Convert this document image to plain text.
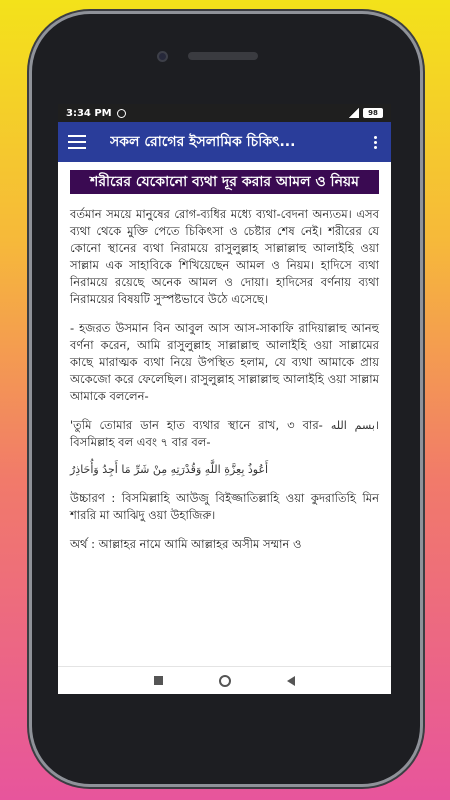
3:34 PM	98
সকল রোগের ইসলামিক চিকিৎ...
শরীরের যেকোনো ব্যথা দূর করার আমল ও নিয়ম

বর্তমান সময়ে মানুষের রোগ-ব্যধির মধ্যে ব্যথা-বেদনা অন্যতম। এসব ব্যথা থেকে মুক্তি পেতে চিকিৎসা ও চেষ্টার শেষ নেই। শরীরের যে কোনো স্থানের ব্যথা নিরাময়ে রাসুলুল্লাহ সাল্লাল্লাহু আলাইহি ওয়া সাল্লাম এক সাহাবিকে শিখিয়েছেন আমল ও নিয়ম। হাদিসে ব্যথা নিরাময়ে রয়েছে অনেক আমল ও দোয়া। হাদিসের বর্ণনায় ব্যথা নিরাময়ের বিষয়টি সুস্পষ্টভাবে উঠে এসেছে।

- হজরত উসমান বিন আবুল আস আস-সাকাফি রাদিয়াল্লাহু আনহু বর্ণনা করেন, আমি রাসুলুল্লাহ সাল্লাল্লাহু আলাইহি ওয়া সাল্লামের কাছে মারাত্মক ব্যথা নিয়ে উপস্থিত হলাম, যে ব্যথা আমাকে প্রায় অকেজো করে ফেলেছিল। রাসুলুল্লাহ সাল্লাল্লাহু আলাইহি ওয়া সাল্লাম আমাকে বললেন-

'তুমি তোমার ডান হাত ব্যথার স্থানে রাখ, ৩ বার- بسم الله। বিসমিল্লাহ বল এবং ৭ বার বল-

أَعُوذُ بِعِزَّةِ اللَّهِ وَقُدْرَتِهِ مِنْ شَرِّ مَا أَجِدُ وَأُحَاذِرُ

উচ্চারণ : বিসমিল্লাহি আউজু বিইজ্জাতিল্লাহি ওয়া কুদরাতিহি মিন শাররি মা আঝিদু ওয়া উহাজিরু।

অর্থ : আল্লাহর নামে আমি আল্লাহর অসীম সম্মান ও
